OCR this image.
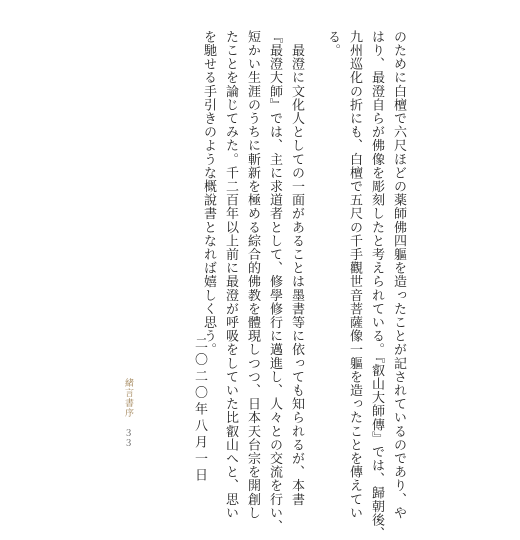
のために白檀で六尺ほどの薬師佛四軀を造ったことが記されているのであり、や

はり、最澄自らが佛像を彫刻したと考えられている。『叡山大師傳』では、歸朝後、

九州巡化の折にも、白檀で五尺の千手觀世音菩薩像一軀を造ったことを傳えてい

る。

　最澄に文化人としての一面があることは墨書等に依っても知られるが、本書

『最澄大師』では、主に求道者として、修學修行に邁進し、人々との交流を行い、

短かい生涯のうちに斬新を極める綜合的佛教を體現しつつ、日本天台宗を開創し

たことを論じてみた。千二百年以上前に最澄が呼吸をしていた比叡山へと、思い

を馳せる手引きのような概說書となれば嬉しく思う。

二〇二〇年八月一日
緒言書序
３３
